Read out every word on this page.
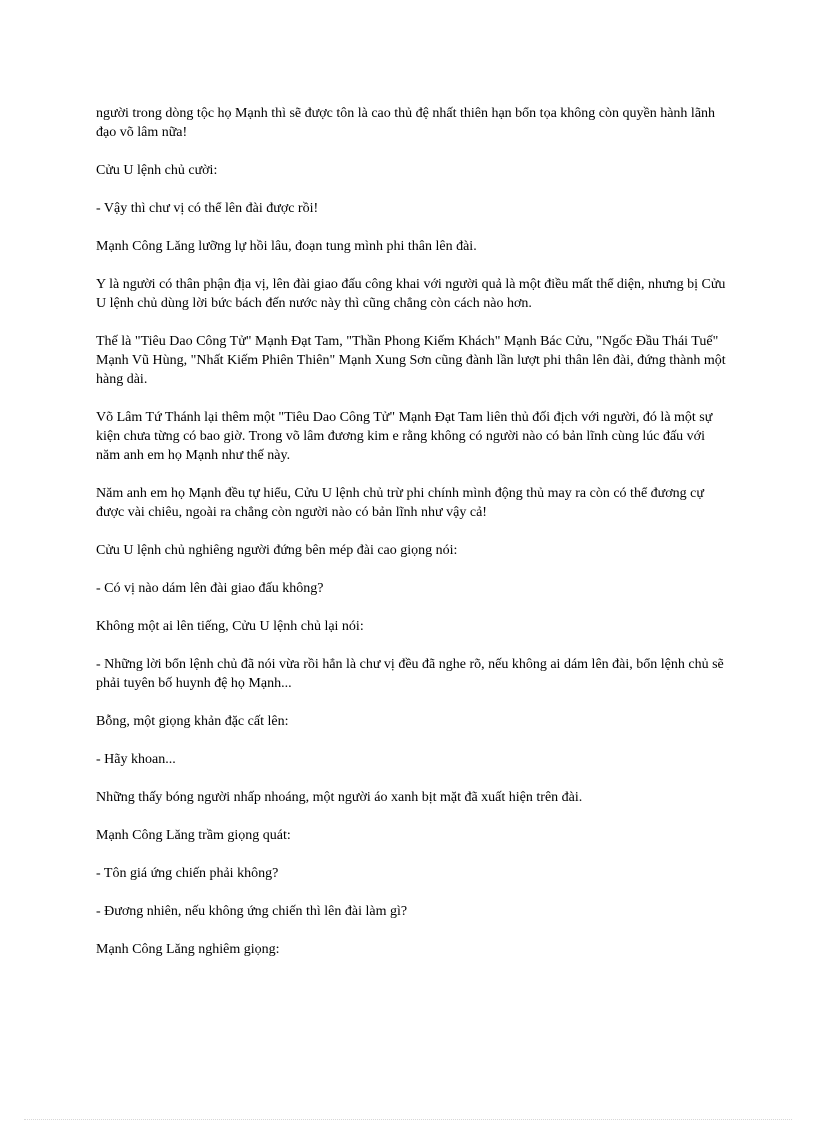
người trong dòng tộc họ Mạnh thì sẽ được tôn là cao thủ đệ nhất thiên hạn bổn tọa không còn quyền hành lãnh đạo võ lâm nữa!

Cửu U lệnh chủ cười:

- Vậy thì chư vị có thể lên đài được rồi!

Mạnh Công Lăng lưỡng lự hồi lâu, đoạn tung mình phi thân lên đài.

Y là người có thân phận địa vị, lên đài giao đấu công khai với người quả là một điều mất thể diện, nhưng bị Cửu U lệnh chủ dùng lời bức bách đến nước này thì cũng chẳng còn cách nào hơn.

Thế là "Tiêu Dao Công Tử" Mạnh Đạt Tam, "Thần Phong Kiếm Khách" Mạnh Bác Cửu, "Ngốc Đầu Thái Tuế" Mạnh Vũ Hùng, "Nhất Kiếm Phiên Thiên" Mạnh Xung Sơn cũng đành lần lượt phi thân lên đài, đứng thành một hàng dài.

Võ Lâm Tứ Thánh lại thêm một "Tiêu Dao Công Tử" Mạnh Đạt Tam liên thủ đối địch với người, đó là một sự kiện chưa từng có bao giờ. Trong võ lâm đương kim e rằng không có người nào có bản lĩnh cùng lúc đấu với năm anh em họ Mạnh như thế này.

Năm anh em họ Mạnh đều tự hiểu, Cửu U lệnh chủ trừ phi chính mình động thủ may ra còn có thể đương cự được vài chiêu, ngoài ra chẳng còn người nào có bản lĩnh như vậy cả!

Cửu U lệnh chủ nghiêng người đứng bên mép đài cao giọng nói:

- Có vị nào dám lên đài giao đấu không?

Không một ai lên tiếng, Cửu U lệnh chủ lại nói:

- Những lời bổn lệnh chủ đã nói vừa rồi hẳn là chư vị đều đã nghe rõ, nếu không ai dám lên đài, bổn lệnh chủ sẽ phải tuyên bố huynh đệ họ Mạnh...

Bỗng, một giọng khản đặc cất lên:

- Hãy khoan...

Những thấy bóng người nhấp nhoáng, một người áo xanh bịt mặt đã xuất hiện trên đài.

Mạnh Công Lăng trầm giọng quát:

- Tôn giá ứng chiến phải không?

- Đương nhiên, nếu không ứng chiến thì lên đài làm gì?

Mạnh Công Lăng nghiêm giọng:
